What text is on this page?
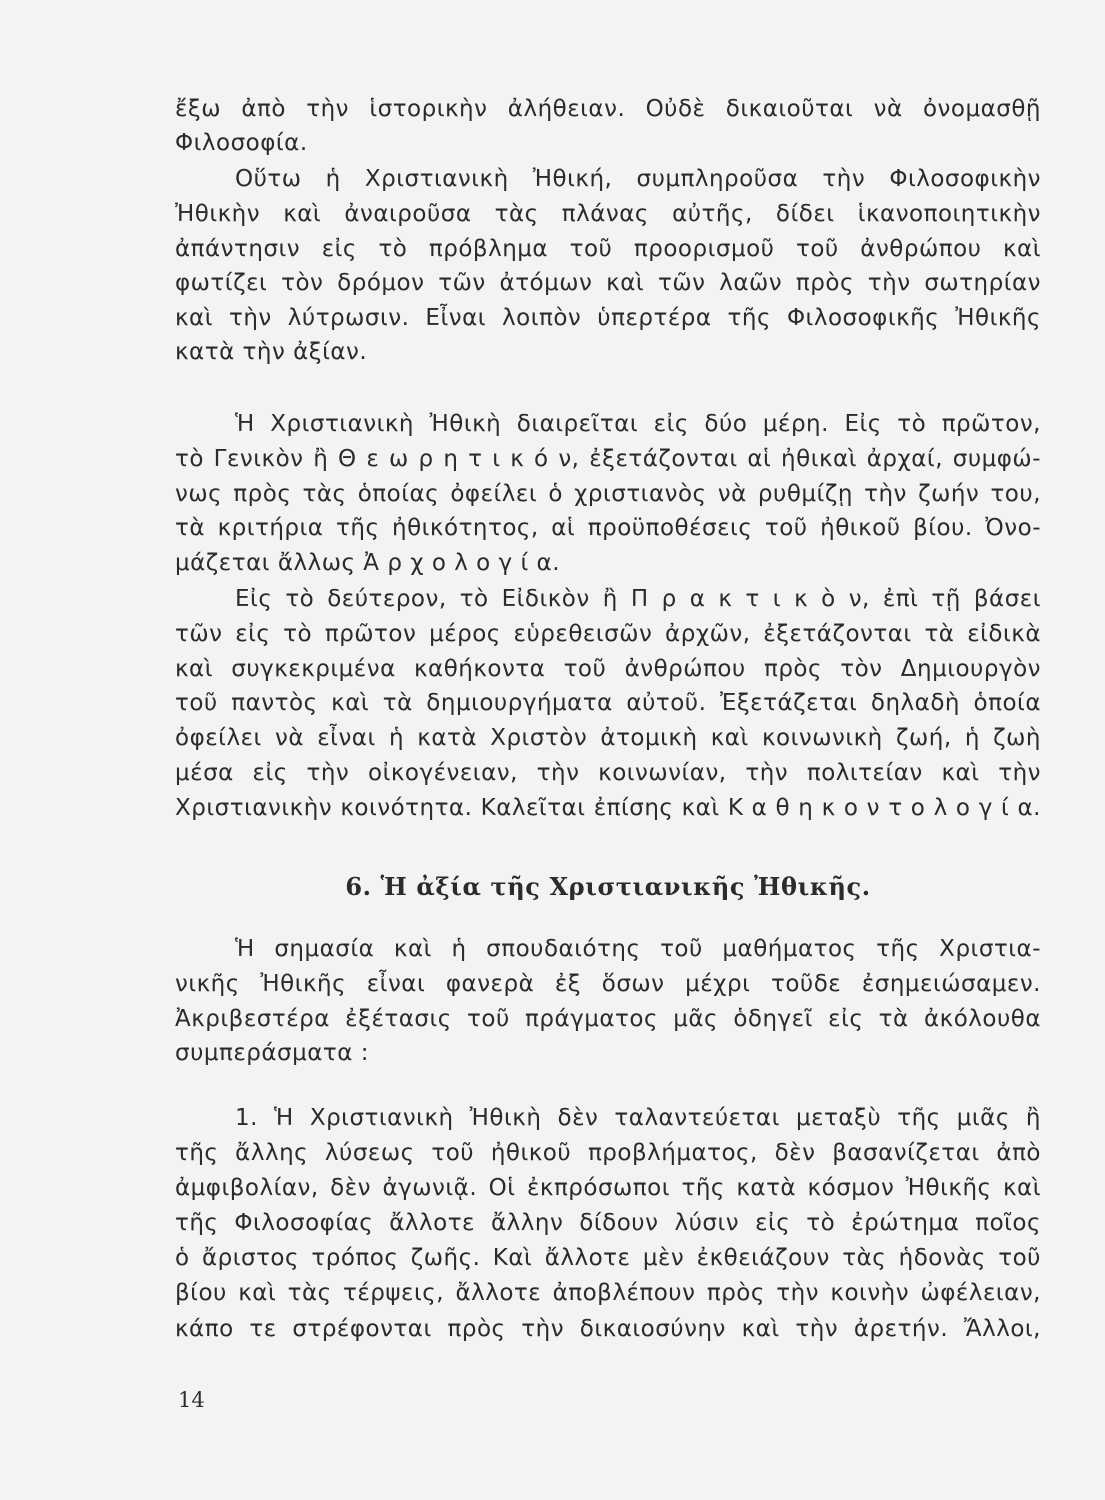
ἔξω ἀπὸ τὴν ἱστορικὴν ἀλήθειαν. Οὐδὲ δικαιοῦται νὰ ὀνομασθῇ
Φιλοσοφία.
Οὕτω ἡ Χριστιανικὴ Ἠθική, συμπληροῦσα τὴν Φιλοσοφικὴν
Ἠθικὴν καὶ ἀναιροῦσα τὰς πλάνας αὐτῆς, δίδει ἱκανοποιητικὴν
ἀπάντησιν εἰς τὸ πρόβλημα τοῦ προορισμοῦ τοῦ ἀνθρώπου καὶ
φωτίζει τὸν δρόμον τῶν ἀτόμων καὶ τῶν λαῶν πρὸς τὴν σωτηρίαν
καὶ τὴν λύτρωσιν. Εἶναι λοιπὸν ὑπερτέρα τῆς Φιλοσοφικῆς Ἠθικῆς
κατὰ τὴν ἀξίαν.
Ἡ Χριστιανικὴ Ἠθικὴ διαιρεῖται εἰς δύο μέρη. Εἰς τὸ πρῶτον,
τὸ Γενικὸν ἢ Θ ε ω ρ η τ ι κ ό ν, ἐξετάζονται αἱ ἠθικαὶ ἀρχαί, συμφώ-
νως πρὸς τὰς ὁποίας ὀφείλει ὁ χριστιανὸς νὰ ρυθμίζῃ τὴν ζωήν του,
τὰ κριτήρια τῆς ἠθικότητος, αἱ προϋποθέσεις τοῦ ἠθικοῦ βίου. Ὀνο-
μάζεται ἄλλως Ἀ ρ χ ο λ ο γ ί α.
Εἰς τὸ δεύτερον, τὸ Εἰδικὸν ἢ Π ρ α κ τ ι κ ὸ ν, ἐπὶ τῇ βάσει
τῶν εἰς τὸ πρῶτον μέρος εὑρεθεισῶν ἀρχῶν, ἐξετάζονται τὰ εἰδικὰ
καὶ συγκεκριμένα καθήκοντα τοῦ ἀνθρώπου πρὸς τὸν Δημιουργὸν
τοῦ παντὸς καὶ τὰ δημιουργήματα αὐτοῦ. Ἐξετάζεται δηλαδὴ ὁποία
ὀφείλει νὰ εἶναι ἡ κατὰ Χριστὸν ἀτομικὴ καὶ κοινωνικὴ ζωή, ἡ ζωὴ
μέσα εἰς τὴν οἰκογένειαν, τὴν κοινωνίαν, τὴν πολιτείαν καὶ τὴν
Χριστιανικὴν κοινότητα. Καλεῖται ἐπίσης καὶ Κ α θ η κ ο ν τ ο λ ο γ ί α.
6. Ἡ ἀξία τῆς Χριστιανικῆς Ἠθικῆς.
Ἡ σημασία καὶ ἡ σπουδαιότης τοῦ μαθήματος τῆς Χριστια-
νικῆς Ἠθικῆς εἶναι φανερὰ ἐξ ὅσων μέχρι τοῦδε ἐσημειώσαμεν.
Ἀκριβεστέρα ἐξέτασις τοῦ πράγματος μᾶς ὁδηγεῖ εἰς τὰ ἀκόλουθα
συμπεράσματα :
1. Ἡ Χριστιανικὴ Ἠθικὴ δὲν ταλαντεύεται μεταξὺ τῆς μιᾶς ἢ
τῆς ἄλλης λύσεως τοῦ ἠθικοῦ προβλήματος, δὲν βασανίζεται ἀπὸ
ἀμφιβολίαν, δὲν ἀγωνιᾷ. Οἱ ἐκπρόσωποι τῆς κατὰ κόσμον Ἠθικῆς καὶ
τῆς Φιλοσοφίας ἄλλοτε ἄλλην δίδουν λύσιν εἰς τὸ ἐρώτημα ποῖος
ὁ ἄριστος τρόπος ζωῆς. Καὶ ἄλλοτε μὲν ἐκθειάζουν τὰς ἡδονὰς τοῦ
βίου καὶ τὰς τέρψεις, ἄλλοτε ἀποβλέπουν πρὸς τὴν κοινὴν ὠφέλειαν,
κάπο τε στρέφονται πρὸς τὴν δικαιοσύνην καὶ τὴν ἀρετήν. Ἄλλοι,
14
